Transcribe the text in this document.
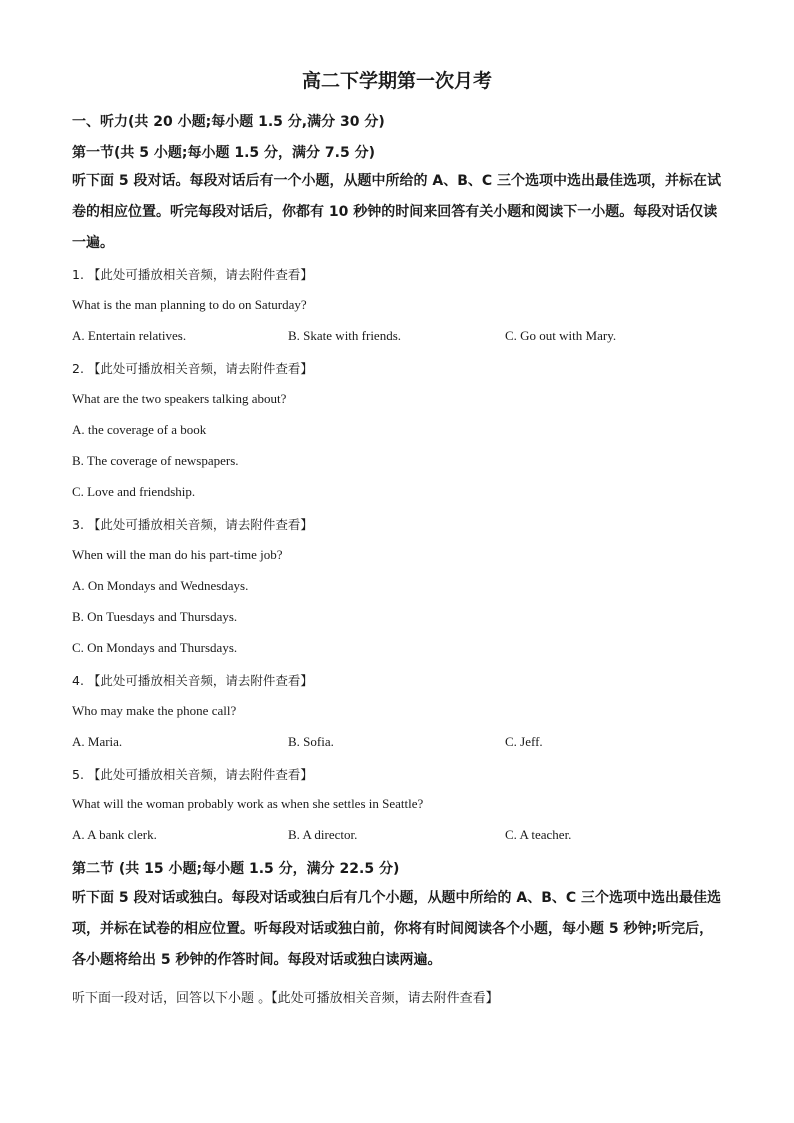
高二下学期第一次月考

一、听力(共 20 小题;每小题 1.5 分,满分 30 分)

第一节(共 5 小题;每小题 1.5 分，满分 7.5 分)

听下面 5 段对话。每段对话后有一个小题，从题中所给的 A、B、C 三个选项中选出最佳选项，并标在试卷的相应位置。听完每段对话后，你都有 10 秒钟的时间来回答有关小题和阅读下一小题。每段对话仅读一遍。

1. 【此处可播放相关音频，请去附件查看】

What is the man planning to do on Saturday?

A. Entertain relatives.	B. Skate with friends.	C. Go out with Mary.

2. 【此处可播放相关音频，请去附件查看】

What are the two speakers talking about?

A. the coverage of a book

B. The coverage of newspapers.

C. Love and friendship.

3. 【此处可播放相关音频，请去附件查看】

When will the man do his part-time job?

A. On Mondays and Wednesdays.

B. On Tuesdays and Thursdays.

C. On Mondays and Thursdays.

4. 【此处可播放相关音频，请去附件查看】

Who may make the phone call?

A. Maria.	B. Sofia.	C. Jeff.

5. 【此处可播放相关音频，请去附件查看】

What will the woman probably work as when she settles in Seattle?

A. A bank clerk.	B. A director.	C. A teacher.

第二节 (共 15 小题;每小题 1.5 分，满分 22.5 分)

听下面 5 段对话或独白。每段对话或独白后有几个小题，从题中所给的 A、B、C 三个选项中选出最佳选项，并标在试卷的相应位置。听每段对话或独白前，你将有时间阅读各个小题，每小题 5 秒钟;听完后，各小题将给出 5 秒钟的作答时间。每段对话或独白读两遍。

听下面一段对话，回答以下小题 。【此处可播放相关音频，请去附件查看】
